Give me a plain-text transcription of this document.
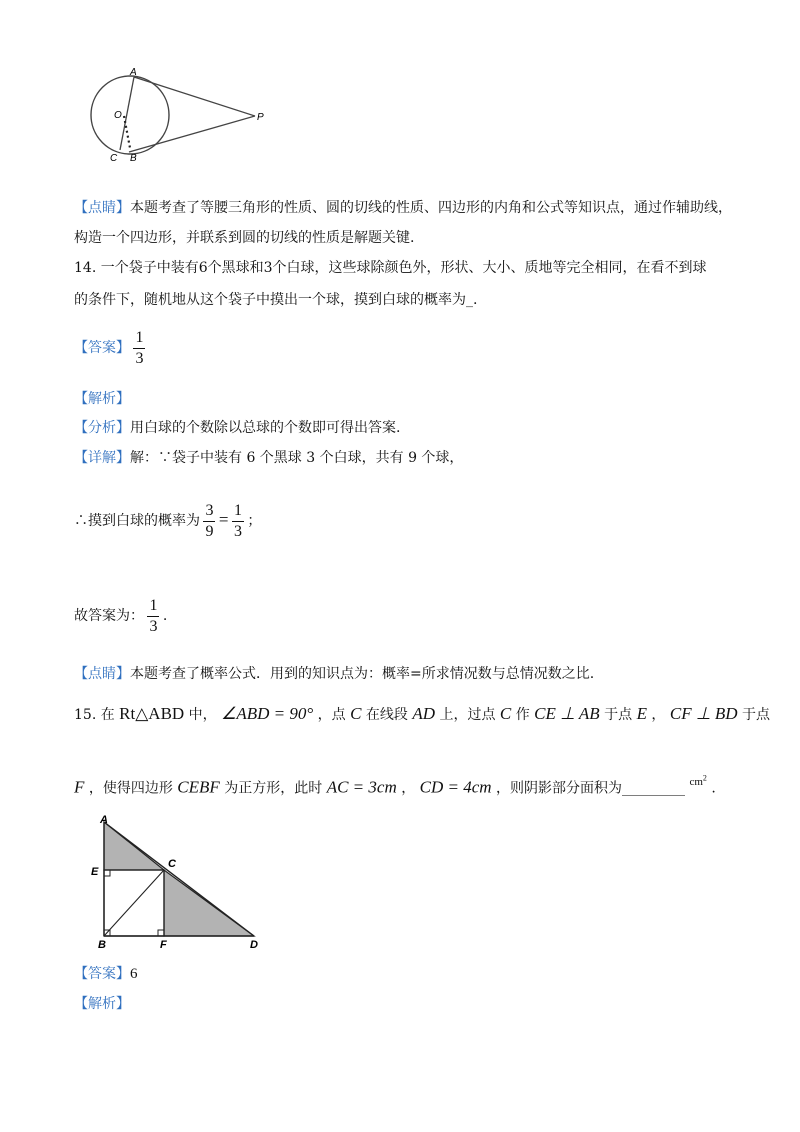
A
O	P
C B
【点睛】本题考查了等腰三角形的性质、圆的切线的性质、四边形的内角和公式等知识点，通过作辅助线，
构造一个四边形，并联系到圆的切线的性质是解题关键.
14. 一个袋子中装有6个黑球和3个白球，这些球除颜色外，形状、大小、质地等完全相同，在看不到球
的条件下，随机地从这个袋子中摸出一个球，摸到白球的概率为_.
【答案】 $\frac{1}{3}$
【解析】
【分析】用白球的个数除以总球的个数即可得出答案.
【详解】解：∵袋子中装有 6 个黑球 3 个白球，共有 9 个球，
∴摸到白球的概率为 $\frac{3}{9} = \frac{1}{3}$ ；
故答案为： $\frac{1}{3}$ .
【点睛】本题考查了概率公式．用到的知识点为：概率=所求情况数与总情况数之比.
15. 在 Rt△ABD 中， ∠ABD = 90° ，点 C 在线段 AD 上，过点 C 作 CE ⊥ AB 于点 E ， CF ⊥ BD 于点
F ，使得四边形 CEBF 为正方形，此时 AC = 3cm ， CD = 4cm ，则阴影部分面积为_________ $^{cm^2}$ .
A
E
C
B	F	D
【答案】6
【解析】
